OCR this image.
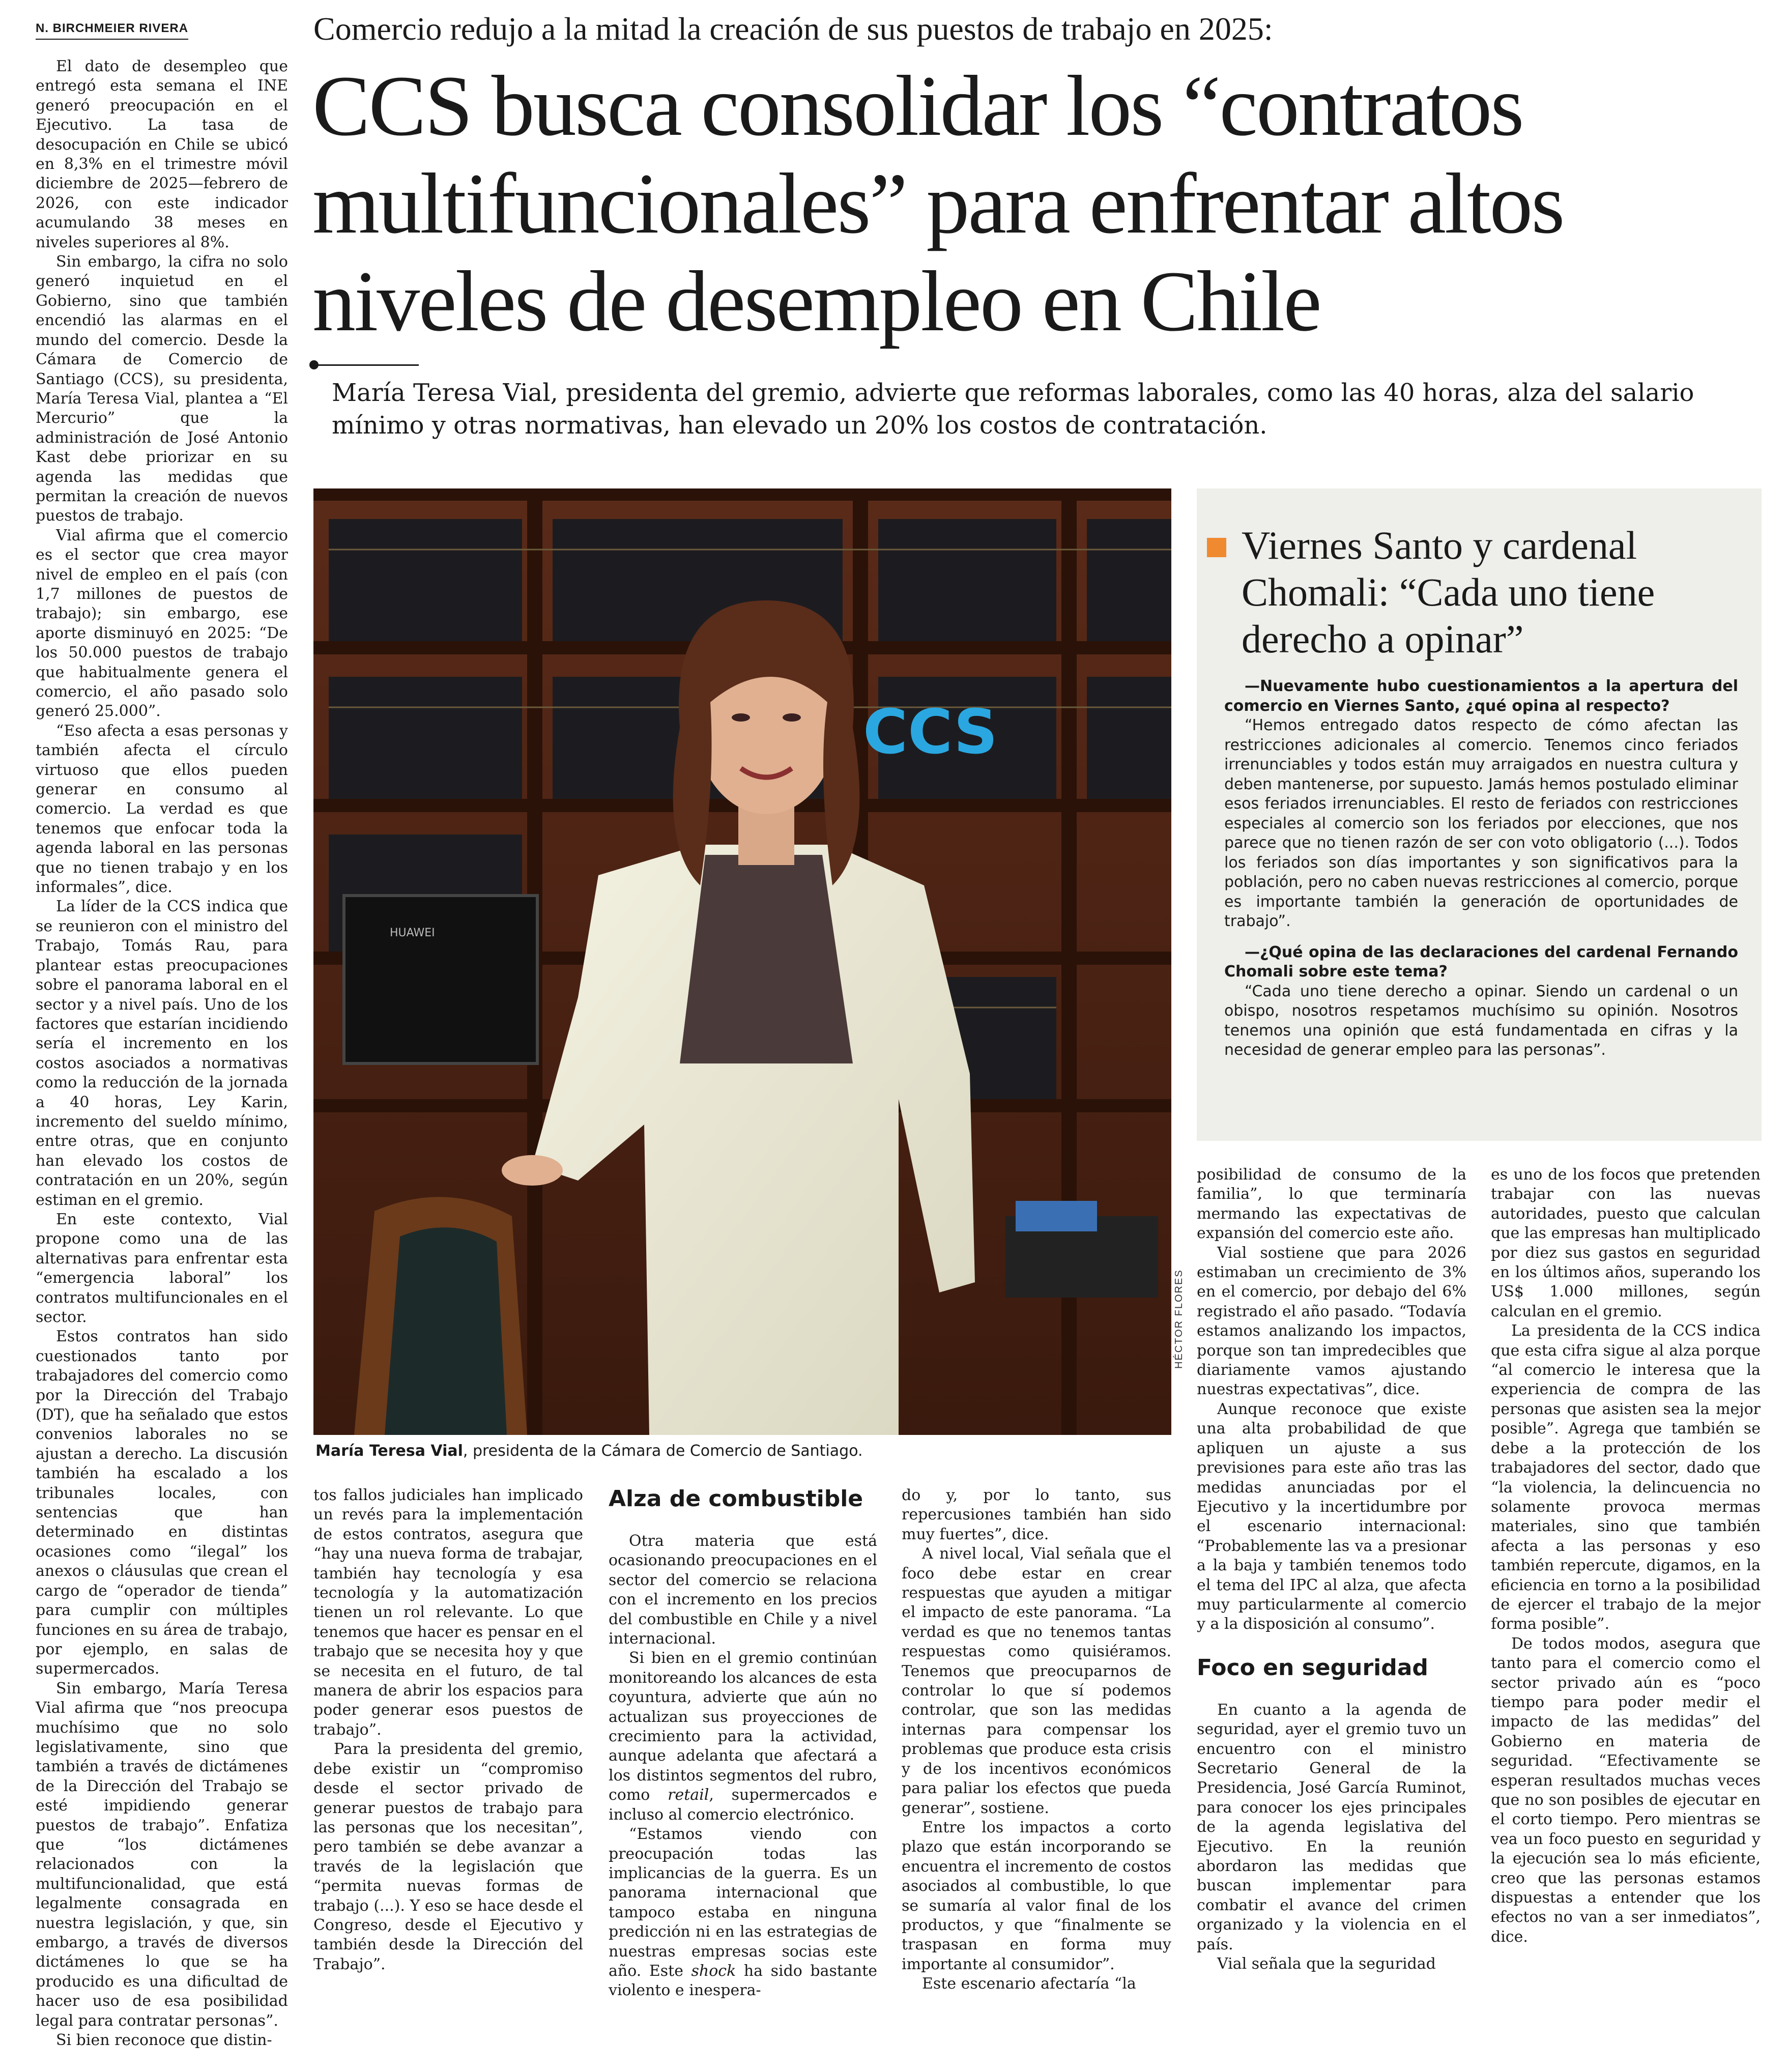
N. BIRCHMEIER RIVERA

El dato de desempleo que entregó esta semana el INE generó preocupación en el Ejecutivo. La tasa de desocupación en Chile se ubicó en 8,3% en el trimestre móvil diciembre de 2025—febrero de 2026, con este indicador acumulando 38 meses en niveles superiores al 8%.

Sin embargo, la cifra no solo generó inquietud en el Gobierno, sino que también encendió las alarmas en el mundo del comercio. Desde la Cámara de Comercio de Santiago (CCS), su presidenta, María Teresa Vial, plantea a “El Mercurio” que la administración de José Antonio Kast debe priorizar en su agenda las medidas que permitan la creación de nuevos puestos de trabajo.

Vial afirma que el comercio es el sector que crea mayor nivel de empleo en el país (con 1,7 millones de puestos de trabajo); sin embargo, ese aporte disminuyó en 2025: “De los 50.000 puestos de trabajo que habitualmente genera el comercio, el año pasado solo generó 25.000”.

“Eso afecta a esas personas y también afecta el círculo virtuoso que ellos pueden generar en consumo al comercio. La verdad es que tenemos que enfocar toda la agenda laboral en las personas que no tienen trabajo y en los informales”, dice.

La líder de la CCS indica que se reunieron con el ministro del Trabajo, Tomás Rau, para plantear estas preocupaciones sobre el panorama laboral en el sector y a nivel país. Uno de los factores que estarían incidiendo sería el incremento en los costos asociados a normativas como la reducción de la jornada a 40 horas, Ley Karin, incremento del sueldo mínimo, entre otras, que en conjunto han elevado los costos de contratación en un 20%, según estiman en el gremio.

En este contexto, Vial propone como una de las alternativas para enfrentar esta “emergencia laboral” los contratos multifuncionales en el sector.

Estos contratos han sido cuestionados tanto por trabajadores del comercio como por la Dirección del Trabajo (DT), que ha señalado que estos convenios laborales no se ajustan a derecho. La discusión también ha escalado a los tribunales locales, con sentencias que han determinado en distintas ocasiones como “ilegal” los anexos o cláusulas que crean el cargo de “operador de tienda” para cumplir con múltiples funciones en su área de trabajo, por ejemplo, en salas de supermercados.

Sin embargo, María Teresa Vial afirma que “nos preocupa muchísimo que no solo legislativamente, sino que también a través de dictámenes de la Dirección del Trabajo se esté impidiendo generar puestos de trabajo”. Enfatiza que “los dictámenes relacionados con la multifuncionalidad, que está legalmente consagrada en nuestra legislación, y que, sin embargo, a través de diversos dictámenes lo que se ha producido es una dificultad de hacer uso de esa posibilidad legal para contratar personas”.

Si bien reconoce que distin-

Comercio redujo a la mitad la creación de sus puestos de trabajo en 2025:
CCS busca consolidar los “contratos
multifuncionales” para enfrentar altos
niveles de desempleo en Chile
María Teresa Vial, presidenta del gremio, advierte que reformas laborales, como las 40 horas, alza del salario mínimo y otras normativas, han elevado un 20% los costos de contratación.
CCS
HUAWEI
HÉCTOR FLORES
María Teresa Vial, presidenta de la Cámara de Comercio de Santiago.
Viernes Santo y cardenal Chomali: “Cada uno tiene derecho a opinar”

—Nuevamente hubo cuestionamientos a la apertura del comercio en Viernes Santo, ¿qué opina al respecto?

“Hemos entregado datos respecto de cómo afectan las restricciones adicionales al comercio. Tenemos cinco feriados irrenunciables y todos están muy arraigados en nuestra cultura y deben mantenerse, por supuesto. Jamás hemos postulado eliminar esos feriados irrenunciables. El resto de feriados con restricciones especiales al comercio son los feriados por elecciones, que nos parece que no tienen razón de ser con voto obligatorio (...). Todos los feriados son días importantes y son significativos para la población, pero no caben nuevas restricciones al comercio, porque es importante también la generación de oportunidades de trabajo”.

—¿Qué opina de las declaraciones del cardenal Fernando Chomali sobre este tema?

“Cada uno tiene derecho a opinar. Siendo un cardenal o un obispo, nosotros respetamos muchísimo su opinión. Nosotros tenemos una opinión que está fundamentada en cifras y la necesidad de generar empleo para las personas”.

tos fallos judiciales han implicado un revés para la implementación de estos contratos, asegura que “hay una nueva forma de trabajar, también hay tecnología y esa tecnología y la automatización tienen un rol relevante. Lo que tenemos que hacer es pensar en el trabajo que se necesita hoy y que se necesita en el futuro, de tal manera de abrir los espacios para poder generar esos puestos de trabajo”.

Para la presidenta del gremio, debe existir un “compromiso desde el sector privado de generar puestos de trabajo para las personas que los necesitan”, pero también se debe avanzar a través de la legislación que “permita nuevas formas de trabajo (...). Y eso se hace desde el Congreso, desde el Ejecutivo y también desde la Dirección del Trabajo”.

Alza de combustible

Otra materia que está ocasionando preocupaciones en el sector del comercio se relaciona con el incremento en los precios del combustible en Chile y a nivel internacional.

Si bien en el gremio continúan monitoreando los alcances de esta coyuntura, advierte que aún no actualizan sus proyecciones de crecimiento para la actividad, aunque adelanta que afectará a los distintos segmentos del rubro, como retail, supermercados e incluso al comercio electrónico.

“Estamos viendo con preocupación todas las implicancias de la guerra. Es un panorama internacional que tampoco estaba en ninguna predicción ni en las estrategias de nuestras empresas socias este año. Este shock ha sido bastante violento e inespera-

do y, por lo tanto, sus repercusiones también han sido muy fuertes”, dice.

A nivel local, Vial señala que el foco debe estar en crear respuestas que ayuden a mitigar el impacto de este panorama. “La verdad es que no tenemos tantas respuestas como quisiéramos. Tenemos que preocuparnos de controlar lo que sí podemos controlar, que son las medidas internas para compensar los problemas que produce esta crisis y de los incentivos económicos para paliar los efectos que pueda generar”, sostiene.

Entre los impactos a corto plazo que están incorporando se encuentra el incremento de costos asociados al combustible, lo que se sumaría al valor final de los productos, y que “finalmente se traspasan en forma muy importante al consumidor”.

Este escenario afectaría “la

posibilidad de consumo de la familia”, lo que terminaría mermando las expectativas de expansión del comercio este año.

Vial sostiene que para 2026 estimaban un crecimiento de 3% en el comercio, por debajo del 6% registrado el año pasado. “Todavía estamos analizando los impactos, porque son tan impredecibles que diariamente vamos ajustando nuestras expectativas”, dice.

Aunque reconoce que existe una alta probabilidad de que apliquen un ajuste a sus previsiones para este año tras las medidas anunciadas por el Ejecutivo y la incertidumbre por el escenario internacional: “Probablemente las va a presionar a la baja y también tenemos todo el tema del IPC al alza, que afecta muy particularmente al comercio y a la disposición al consumo”.

Foco en seguridad

En cuanto a la agenda de seguridad, ayer el gremio tuvo un encuentro con el ministro Secretario General de la Presidencia, José García Ruminot, para conocer los ejes principales de la agenda legislativa del Ejecutivo. En la reunión abordaron las medidas que buscan implementar para combatir el avance del crimen organizado y la violencia en el país.

Vial señala que la seguridad

es uno de los focos que pretenden trabajar con las nuevas autoridades, puesto que calculan que las empresas han multiplicado por diez sus gastos en seguridad en los últimos años, superando los US$ 1.000 millones, según calculan en el gremio.

La presidenta de la CCS indica que esta cifra sigue al alza porque “al comercio le interesa que la experiencia de compra de las personas que asisten sea la mejor posible”. Agrega que también se debe a la protección de los trabajadores del sector, dado que “la violencia, la delincuencia no solamente provoca mermas materiales, sino que también afecta a las personas y eso también repercute, digamos, en la eficiencia en torno a la posibilidad de ejercer el trabajo de la mejor forma posible”.

De todos modos, asegura que tanto para el comercio como el sector privado aún es “poco tiempo para poder medir el impacto de las medidas” del Gobierno en materia de seguridad. “Efectivamente se esperan resultados muchas veces que no son posibles de ejecutar en el corto tiempo. Pero mientras se vea un foco puesto en seguridad y la ejecución sea lo más eficiente, creo que las personas estamos dispuestas a entender que los efectos no van a ser inmediatos”, dice.
